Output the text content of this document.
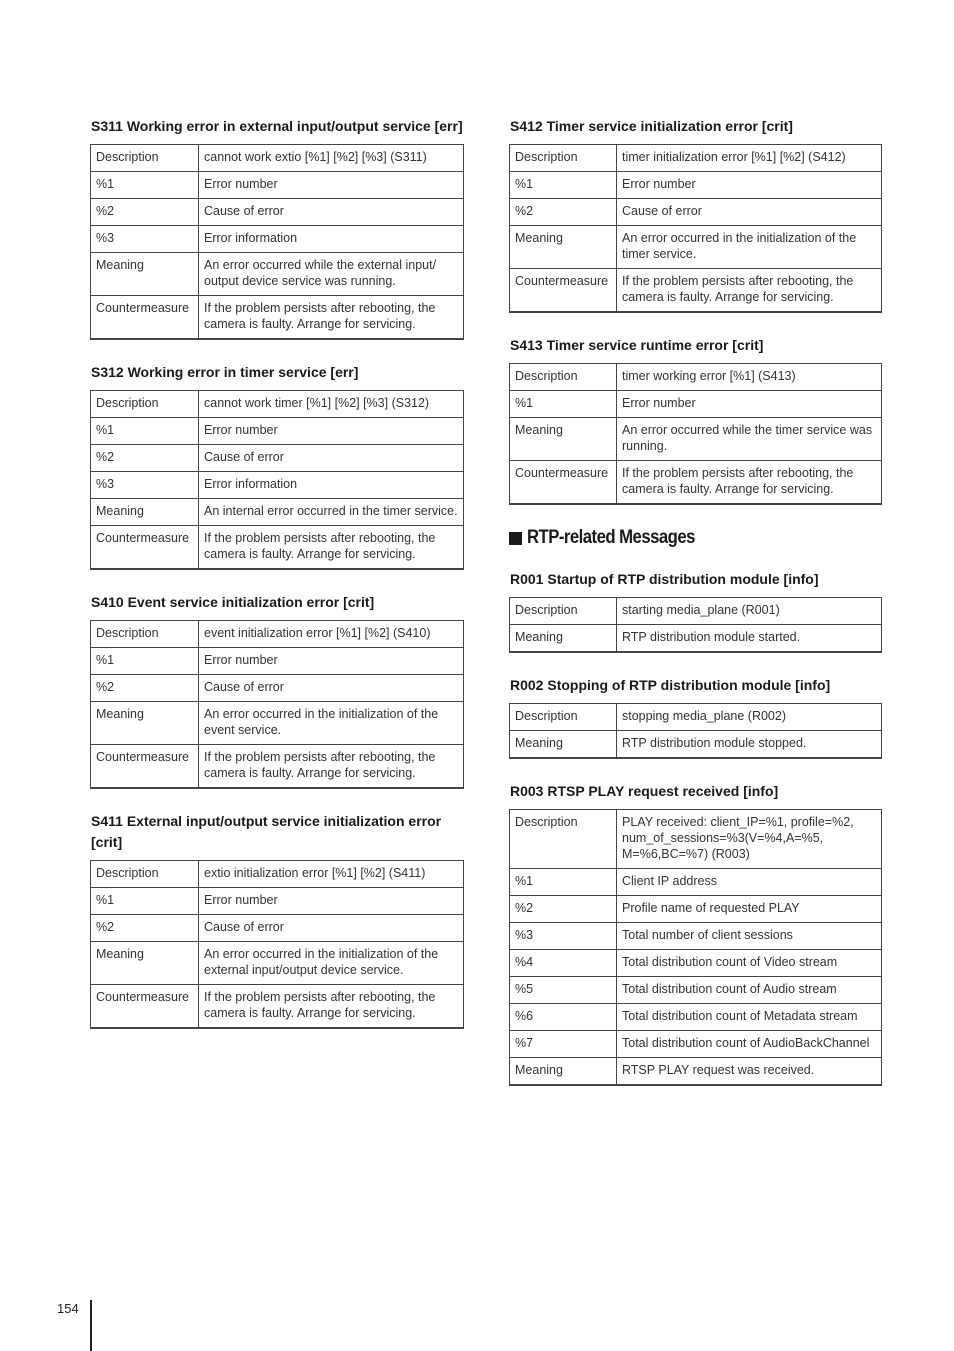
S311 Working error in external input/output service [err]
Description	cannot work extio [%1] [%2] [%3] (S311)
%1	Error number
%2	Cause of error
%3	Error information
Meaning	An error occurred while the external input/ output device service was running.
Countermeasure	If the problem persists after rebooting, the camera is faulty. Arrange for servicing.
S312 Working error in timer service [err]
Description	cannot work timer [%1] [%2] [%3] (S312)
%1	Error number
%2	Cause of error
%3	Error information
Meaning	An internal error occurred in the timer service.
Countermeasure	If the problem persists after rebooting, the camera is faulty. Arrange for servicing.
S410 Event service initialization error [crit]
Description	event initialization error [%1] [%2] (S410)
%1	Error number
%2	Cause of error
Meaning	An error occurred in the initialization of the event service.
Countermeasure	If the problem persists after rebooting, the camera is faulty. Arrange for servicing.
S411 External input/output service initialization error [crit]
Description	extio initialization error [%1] [%2] (S411)
%1	Error number
%2	Cause of error
Meaning	An error occurred in the initialization of the external input/output device service.
Countermeasure	If the problem persists after rebooting, the camera is faulty. Arrange for servicing.
S412 Timer service initialization error [crit]
Description	timer initialization error [%1] [%2] (S412)
%1	Error number
%2	Cause of error
Meaning	An error occurred in the initialization of the timer service.
Countermeasure	If the problem persists after rebooting, the camera is faulty. Arrange for servicing.
S413 Timer service runtime error [crit]
Description	timer working error [%1] (S413)
%1	Error number
Meaning	An error occurred while the timer service was running.
Countermeasure	If the problem persists after rebooting, the camera is faulty. Arrange for servicing.
RTP-related Messages
R001 Startup of RTP distribution module [info]
Description	starting media_plane (R001)
Meaning	RTP distribution module started.
R002 Stopping of RTP distribution module [info]
Description	stopping media_plane (R002)
Meaning	RTP distribution module stopped.
R003 RTSP PLAY request received [info]
Description	PLAY received: client_IP=%1, profile=%2, num_of_sessions=%3(V=%4,A=%5, M=%6,BC=%7) (R003)
%1	Client IP address
%2	Profile name of requested PLAY
%3	Total number of client sessions
%4	Total distribution count of Video stream
%5	Total distribution count of Audio stream
%6	Total distribution count of Metadata stream
%7	Total distribution count of AudioBackChannel
Meaning	RTSP PLAY request was received.
154
